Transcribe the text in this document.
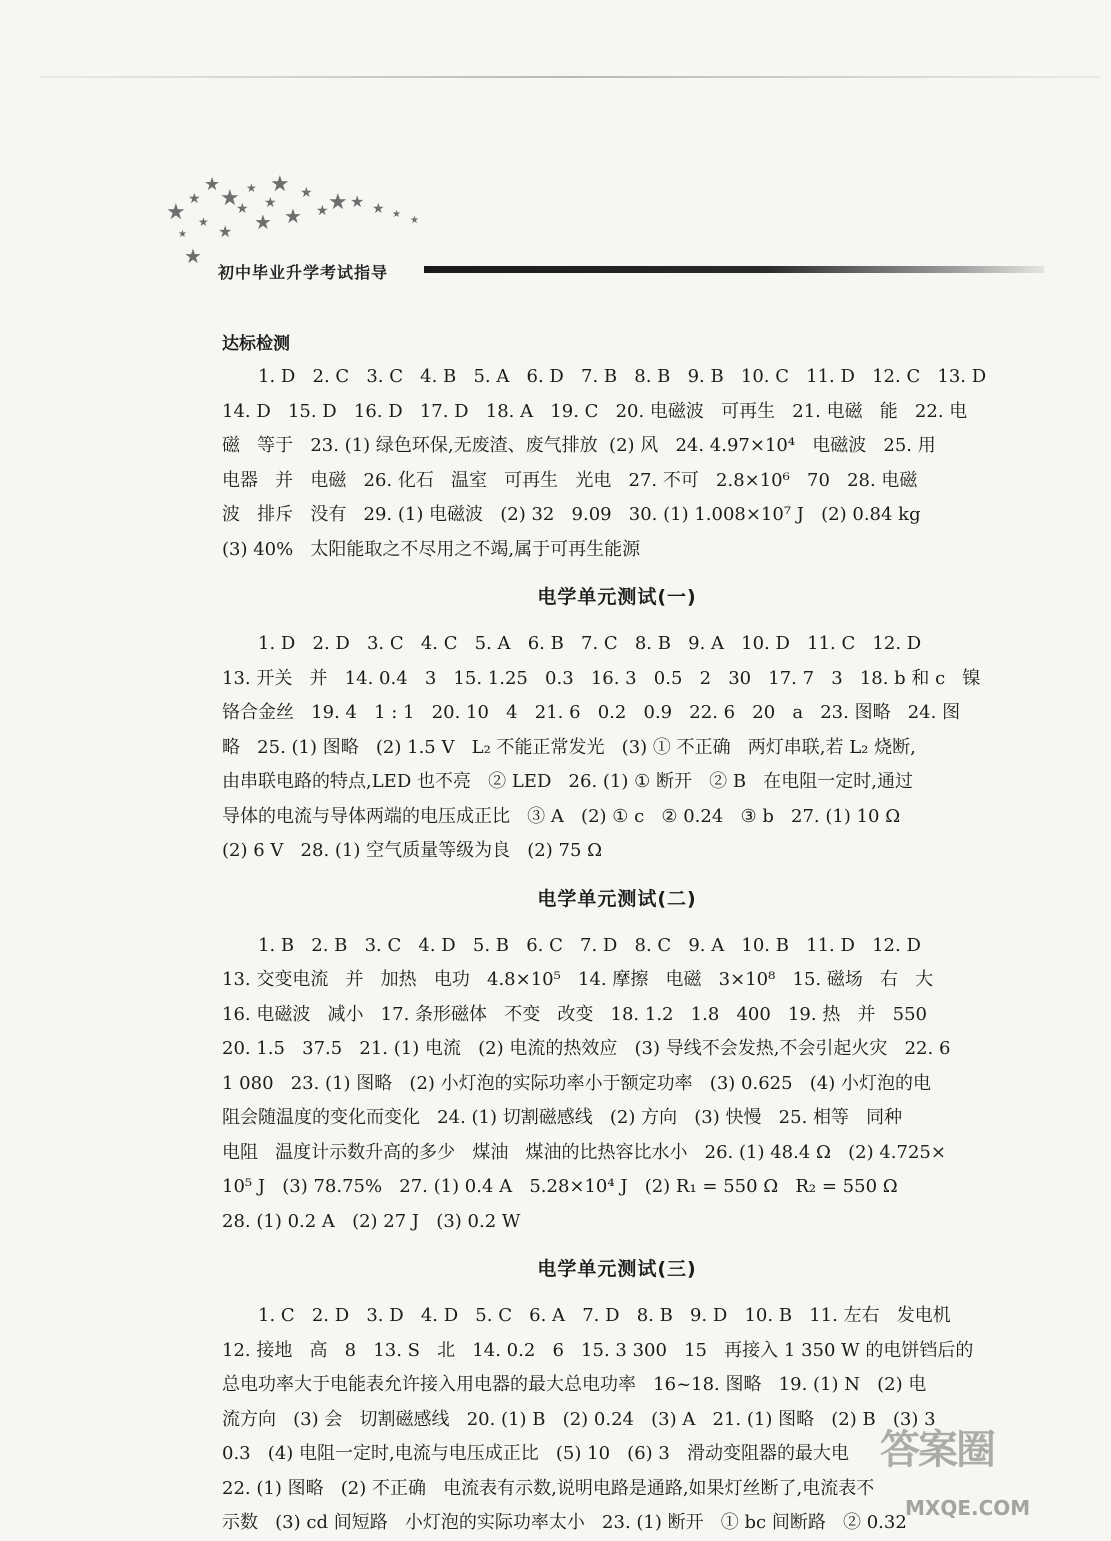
★
★
★
★
★ ★
★
★
★
★
★
★
★
★ ★ ★ ★ ★
★
★
★
初中毕业升学考试指导
达标检测
1. D   2. C   3. C   4. B   5. A   6. D   7. B   8. B   9. B   10. C   11. D   12. C   13. D
14. D   15. D   16. D   17. D   18. A   19. C   20. 电磁波   可再生   21. 电磁   能   22. 电
磁   等于   23. (1) 绿色环保,无废渣、废气排放  (2) 风   24. 4.97×10⁴   电磁波   25. 用
电器   并   电磁   26. 化石   温室   可再生   光电   27. 不可   2.8×10⁶   70   28. 电磁
波   排斥   没有   29. (1) 电磁波   (2) 32   9.09   30. (1) 1.008×10⁷ J   (2) 0.84 kg
(3) 40%   太阳能取之不尽用之不竭,属于可再生能源
电学单元测试(一)
1. D   2. D   3. C   4. C   5. A   6. B   7. C   8. B   9. A   10. D   11. C   12. D
13. 开关   并   14. 0.4   3   15. 1.25   0.3   16. 3   0.5   2   30   17. 7   3   18. b 和 c   镍
铬合金丝   19. 4   1 : 1   20. 10   4   21. 6   0.2   0.9   22. 6   20   a   23. 图略   24. 图
略   25. (1) 图略   (2) 1.5 V   L₂ 不能正常发光   (3) ① 不正确   两灯串联,若 L₂ 烧断,
由串联电路的特点,LED 也不亮   ② LED   26. (1) ① 断开   ② B   在电阻一定时,通过
导体的电流与导体两端的电压成正比   ③ A   (2) ① c   ② 0.24   ③ b   27. (1) 10 Ω
(2) 6 V   28. (1) 空气质量等级为良   (2) 75 Ω
电学单元测试(二)
1. B   2. B   3. C   4. D   5. B   6. C   7. D   8. C   9. A   10. B   11. D   12. D
13. 交变电流   并   加热   电功   4.8×10⁵   14. 摩擦   电磁   3×10⁸   15. 磁场   右   大
16. 电磁波   减小   17. 条形磁体   不变   改变   18. 1.2   1.8   400   19. 热   并   550
20. 1.5   37.5   21. (1) 电流   (2) 电流的热效应   (3) 导线不会发热,不会引起火灾   22. 6
1 080   23. (1) 图略   (2) 小灯泡的实际功率小于额定功率   (3) 0.625   (4) 小灯泡的电
阻会随温度的变化而变化   24. (1) 切割磁感线   (2) 方向   (3) 快慢   25. 相等   同种
电阻   温度计示数升高的多少   煤油   煤油的比热容比水小   26. (1) 48.4 Ω   (2) 4.725×
10⁵ J   (3) 78.75%   27. (1) 0.4 A   5.28×10⁴ J   (2) R₁ = 550 Ω   R₂ = 550 Ω
28. (1) 0.2 A   (2) 27 J   (3) 0.2 W
电学单元测试(三)
1. C   2. D   3. D   4. D   5. C   6. A   7. D   8. B   9. D   10. B   11. 左右   发电机
12. 接地   高   8   13. S   北   14. 0.2   6   15. 3 300   15   再接入 1 350 W 的电饼铛后的
总电功率大于电能表允许接入用电器的最大总电功率   16~18. 图略   19. (1) N   (2) 电
流方向   (3) 会   切割磁感线   20. (1) B   (2) 0.24   (3) A   21. (1) 图略   (2) B   (3) 3
0.3   (4) 电阻一定时,电流与电压成正比   (5) 10   (6) 3   滑动变阻器的最大电
22. (1) 图略   (2) 不正确   电流表有示数,说明电路是通路,如果灯丝断了,电流表不
示数   (3) cd 间短路   小灯泡的实际功率太小   23. (1) 断开   ① bc 间断路   ② 0.32
答案圈
MXQE.COM
